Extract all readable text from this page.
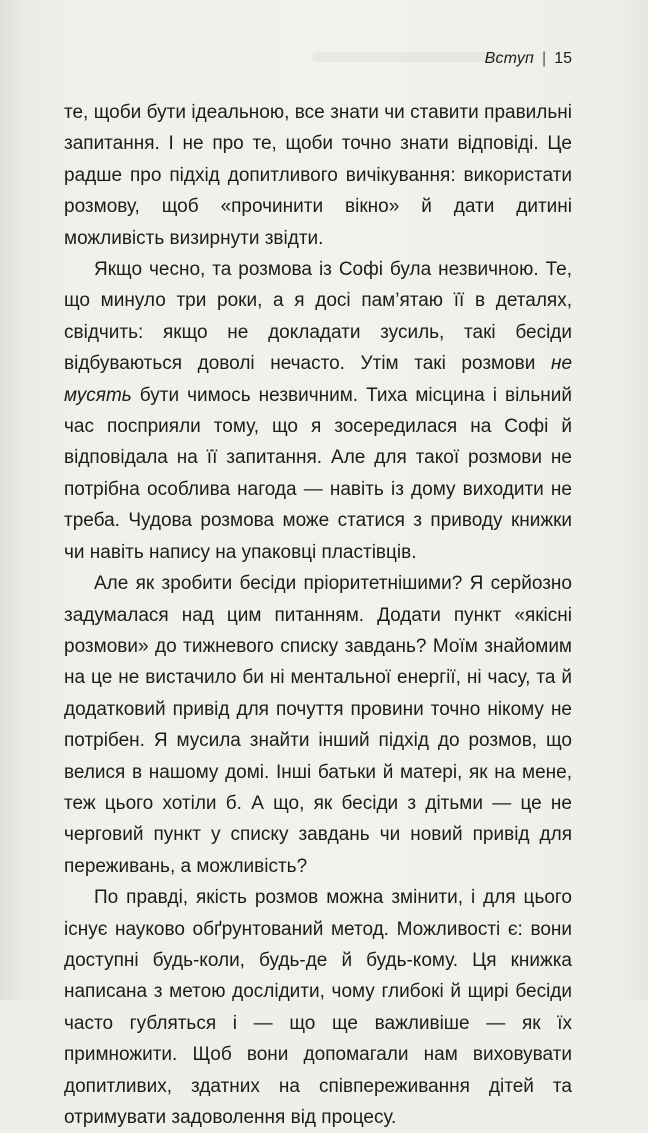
Вступ | 15

те, щоби бути ідеальною, все знати чи ставити правильні запитання. І не про те, щоби точно знати відповіді. Це радше про підхід допитливого вичікування: використати розмову, щоб «прочинити вікно» й дати дитині можливість визирнути звідти.

Якщо чесно, та розмова із Софі була незвичною. Те, що минуло три роки, а я досі пам’ятаю її в деталях, свідчить: якщо не докладати зусиль, такі бесіди відбуваються доволі нечасто. Утім такі розмови не мусять бути чимось незвичним. Тиха місцина і вільний час посприяли тому, що я зосередилася на Софі й відповідала на її запитання. Але для такої розмови не потрібна особлива нагода — навіть із дому виходити не треба. Чудова розмова може статися з приводу книжки чи навіть напису на упаковці пластівців.

Але як зробити бесіди пріоритетнішими? Я серйозно задумалася над цим питанням. Додати пункт «якісні розмови» до тижневого списку завдань? Моїм знайомим на це не вистачило би ні ментальної енергії, ні часу, та й додатковий привід для почуття провини точно нікому не потрібен. Я мусила знайти інший підхід до розмов, що велися в нашому домі. Інші батьки й матері, як на мене, теж цього хотіли б. А що, як бесіди з дітьми — це не черговий пункт у списку завдань чи новий привід для переживань, а можливість?

По правді, якість розмов можна змінити, і для цього існує науково обґрунтований метод. Можливості є: вони доступні будь-коли, будь-де й будь-кому. Ця книжка написана з метою дослідити, чому глибокі й щирі бесіди часто губляться і — що ще важливіше — як їх примножити. Щоб вони допомагали нам виховувати допитливих, здатних на співпереживання дітей та отримувати задоволення від процесу.
